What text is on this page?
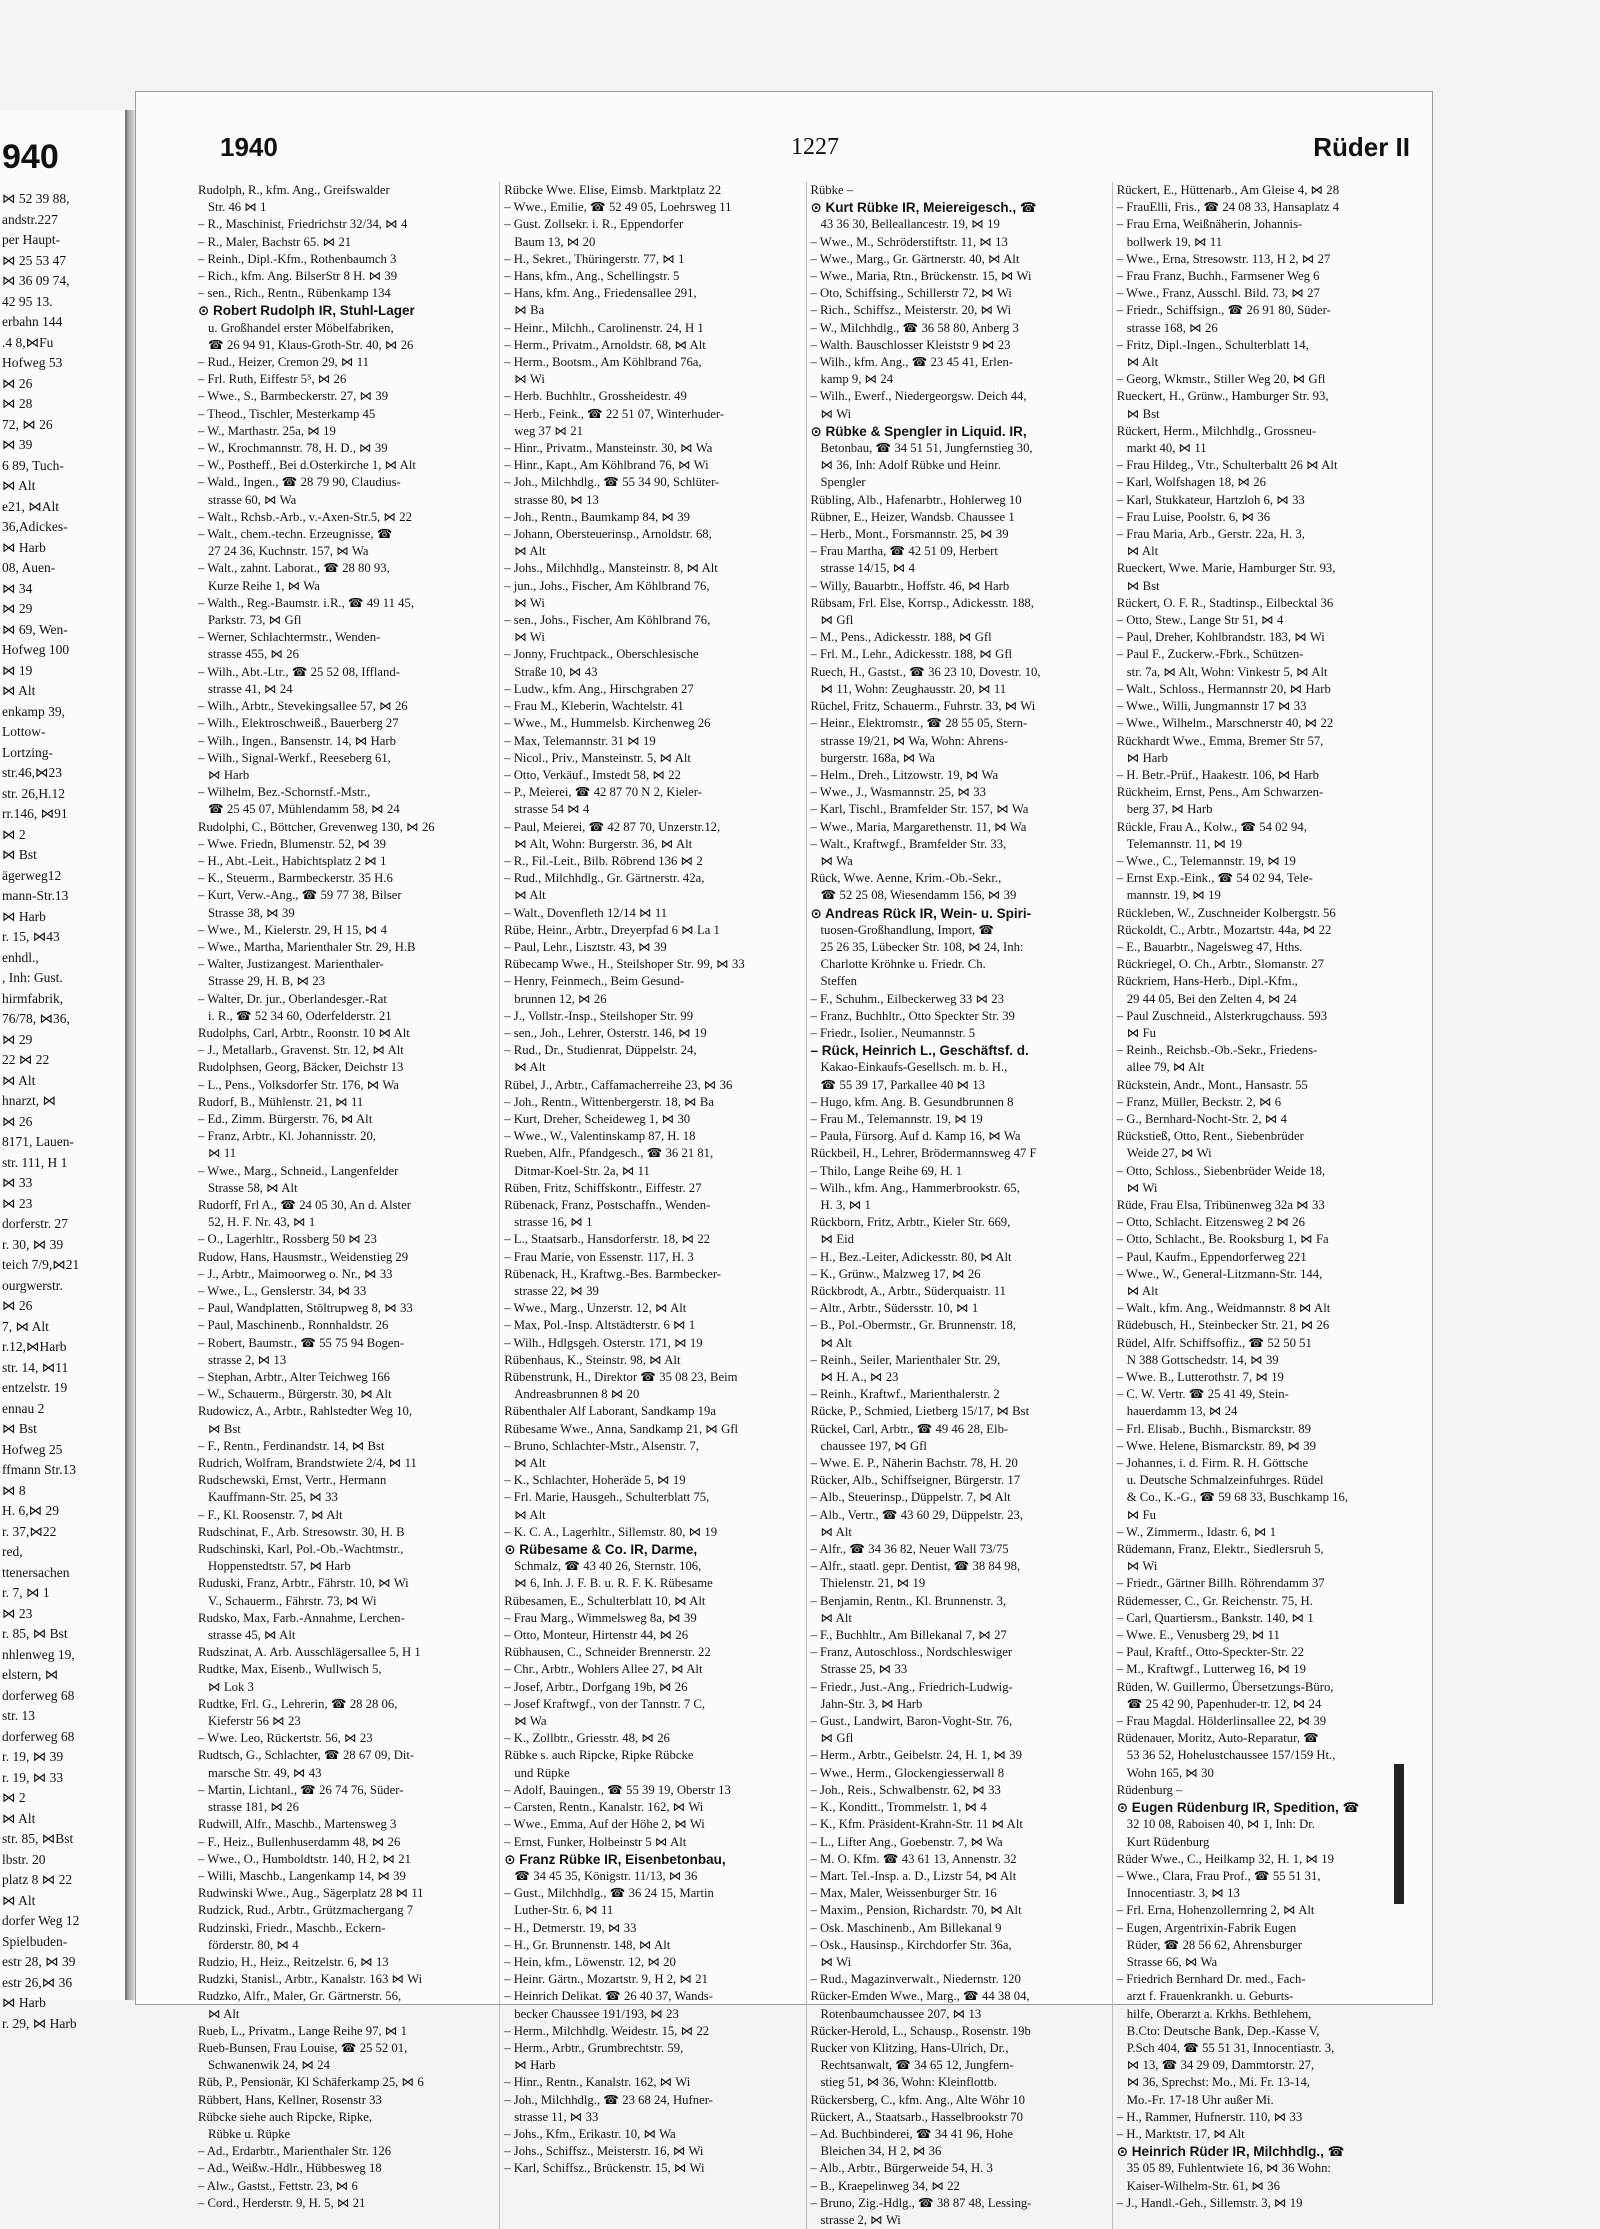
940
⋈ 52 39 88,
andstr.227
per Haupt-
⋈ 25 53 47
⋈ 36 09 74,
42 95 13.
erbahn 144
.4 8,⋈Fu
Hofweg 53
⋈ 26
⋈ 28
72, ⋈ 26
⋈ 39
6 89, Tuch-
⋈ Alt
e21, ⋈Alt
36,Adickes-
⋈ Harb
08, Auen-
⋈ 34
⋈ 29
⋈ 69, Wen-
Hofweg 100
⋈ 19
⋈ Alt
enkamp 39,
Lottow-
Lortzing-
str.46,⋈23
str. 26,H.12
rr.146, ⋈91
⋈ 2
⋈ Bst
ägerweg12
mann-Str.13
⋈ Harb
r. 15, ⋈43
enhdl.,
, Inh: Gust.
hirmfabrik,
76/78, ⋈36,
⋈ 29
22 ⋈ 22
⋈ Alt
hnarzt, ⋈
⋈ 26
8171, Lauen-
str. 111, H 1
⋈ 33
⋈ 23
dorferstr. 27
r. 30, ⋈ 39
teich 7/9,⋈21
ourgwerstr.
⋈ 26
7, ⋈ Alt
r.12,⋈Harb
str. 14, ⋈11
entzelstr. 19
ennau 2
⋈ Bst
Hofweg 25
ffmann Str.13
⋈ 8
H. 6,⋈ 29
r. 37,⋈22
red,
ttenersachen
r. 7, ⋈ 1
⋈ 23
r. 85, ⋈ Bst
nhlenweg 19,
elstern, ⋈
dorferweg 68
str. 13
dorferweg 68
r. 19, ⋈ 39
r. 19, ⋈ 33
⋈ 2
⋈ Alt
str. 85, ⋈Bst
lbstr. 20
platz 8 ⋈ 22
⋈ Alt
dorfer Weg 12
Spielbuden-
estr 28, ⋈ 39
estr 26,⋈ 36
⋈ Harb
r. 29, ⋈ Harb
1940	1227	Rüder II
Rudolph, R., kfm. Ang., Greifswalder
Str. 46 ⋈ 1
– R., Maschinist, Friedrichstr 32/34, ⋈ 4
– R., Maler, Bachstr 65. ⋈ 21
– Reinh., Dipl.-Kfm., Rothenbaumch 3
– Rich., kfm. Ang. BilserStr 8 H. ⋈ 39
– sen., Rich., Rentn., Rübenkamp 134
⊙ Robert Rudolph IR, Stuhl-Lager
u. Großhandel erster Möbelfabriken,
☎ 26 94 91, Klaus-Groth-Str. 40, ⋈ 26
– Rud., Heizer, Cremon 29, ⋈ 11
– Frl. Ruth, Eiffestr 5⁵, ⋈ 26
– Wwe., S., Barmbeckerstr. 27, ⋈ 39
– Theod., Tischler, Mesterkamp 45
– W., Marthastr. 25a, ⋈ 19
– W., Krochmannstr. 78, H. D., ⋈ 39
– W., Postheff., Bei d.Osterkirche 1, ⋈ Alt
– Wald., Ingen., ☎ 28 79 90, Claudius-
strasse 60, ⋈ Wa
– Walt., Rchsb.-Arb., v.-Axen-Str.5, ⋈ 22
– Walt., chem.-techn. Erzeugnisse, ☎
27 24 36, Kuchnstr. 157, ⋈ Wa
– Walt., zahnt. Laborat., ☎ 28 80 93,
Kurze Reihe 1, ⋈ Wa
– Walth., Reg.-Baumstr. i.R., ☎ 49 11 45,
Parkstr. 73, ⋈ Gfl
– Werner, Schlachtermstr., Wenden-
strasse 455, ⋈ 26
– Wilh., Abt.-Ltr., ☎ 25 52 08, Iffland-
strasse 41, ⋈ 24
– Wilh., Arbtr., Stevekingsallee 57, ⋈ 26
– Wilh., Elektroschweiß., Bauerberg 27
– Wilh., Ingen., Bansenstr. 14, ⋈ Harb
– Wilh., Signal-Werkf., Reeseberg 61,
⋈ Harb
– Wilhelm, Bez.-Schornstf.-Mstr.,
☎ 25 45 07, Mühlendamm 58, ⋈ 24
Rudolphi, C., Böttcher, Grevenweg 130, ⋈ 26
– Wwe. Friedn, Blumenstr. 52, ⋈ 39
– H., Abt.-Leit., Habichtsplatz 2 ⋈ 1
– K., Steuerm., Barmbeckerstr. 35 H.6
– Kurt, Verw.-Ang., ☎ 59 77 38, Bilser
Strasse 38, ⋈ 39
– Wwe., M., Kielerstr. 29, H 15, ⋈ 4
– Wwe., Martha, Marienthaler Str. 29, H.B
– Walter, Justizangest. Marienthaler-
Strasse 29, H. B, ⋈ 23
– Walter, Dr. jur., Oberlandesger.-Rat
i. R., ☎ 52 34 60, Oderfelderstr. 21
Rudolphs, Carl, Arbtr., Roonstr. 10 ⋈ Alt
– J., Metallarb., Gravenst. Str. 12, ⋈ Alt
Rudolphsen, Georg, Bäcker, Deichstr 13
– L., Pens., Volksdorfer Str. 176, ⋈ Wa
Rudorf, B., Mühlenstr. 21, ⋈ 11
– Ed., Zimm. Bürgerstr. 76, ⋈ Alt
– Franz, Arbtr., Kl. Johannisstr. 20,
⋈ 11
– Wwe., Marg., Schneid., Langenfelder
Strasse 58, ⋈ Alt
Rudorff, Frl A., ☎ 24 05 30, An d. Alster
52, H. F. Nr. 43, ⋈ 1
– O., Lagerhltr., Rossberg 50 ⋈ 23
Rudow, Hans, Hausmstr., Weidenstieg 29
– J., Arbtr., Maimoorweg o. Nr., ⋈ 33
– Wwe., L., Genslerstr. 34, ⋈ 33
– Paul, Wandplatten, Stöltrupweg 8, ⋈ 33
– Paul, Maschinenb., Ronnhaldstr. 26
– Robert, Baumstr., ☎ 55 75 94 Bogen-
strasse 2, ⋈ 13
– Stephan, Arbtr., Alter Teichweg 166
– W., Schauerm., Bürgerstr. 30, ⋈ Alt
Rudowicz, A., Arbtr., Rahlstedter Weg 10,
⋈ Bst
– F., Rentn., Ferdinandstr. 14, ⋈ Bst
Rudrich, Wolfram, Brandstwiete 2/4, ⋈ 11
Rudschewski, Ernst, Vertr., Hermann
Kauffmann-Str. 25, ⋈ 33
– F., Kl. Roosenstr. 7, ⋈ Alt
Rudschinat, F., Arb. Stresowstr. 30, H. B
Rudschinski, Karl, Pol.-Ob.-Wachtmstr.,
Hoppenstedtstr. 57, ⋈ Harb
Ruduski, Franz, Arbtr., Fährstr. 10, ⋈ Wi
V., Schauerm., Fährstr. 73, ⋈ Wi
Rudsko, Max, Farb.-Annahme, Lerchen-
strasse 45, ⋈ Alt
Rudszinat, A. Arb. Ausschlägersallee 5, H 1
Rudtke, Max, Eisenb., Wullwisch 5,
⋈ Lok 3
Rudtke, Frl. G., Lehrerin, ☎ 28 28 06,
Kieferstr 56 ⋈ 23
– Wwe. Leo, Rückertstr. 56, ⋈ 23
Rudtsch, G., Schlachter, ☎ 28 67 09, Dit-
marsche Str. 49, ⋈ 43
– Martin, Lichtanl., ☎ 26 74 76, Süder-
strasse 181, ⋈ 26
Rudwill, Alfr., Maschb., Martensweg 3
– F., Heiz., Bullenhuserdamm 48, ⋈ 26
– Wwe., O., Humboldtstr. 140, H 2, ⋈ 21
– Willi, Maschb., Langenkamp 14, ⋈ 39
Rudwinski Wwe., Aug., Sägerplatz 28 ⋈ 11
Rudzick, Rud., Arbtr., Grützmachergang 7
Rudzinski, Friedr., Maschb., Eckern-
förderstr. 80, ⋈ 4
Rudzio, H., Heiz., Reitzelstr. 6, ⋈ 13
Rudzki, Stanisl., Arbtr., Kanalstr. 163 ⋈ Wi
Rudzko, Alfr., Maler, Gr. Gärtnerstr. 56,
⋈ Alt
Rueb, L., Privatm., Lange Reihe 97, ⋈ 1
Rueb-Bunsen, Frau Louise, ☎ 25 52 01,
Schwanenwik 24, ⋈ 24
Rüb, P., Pensionär, Kl Schäferkamp 25, ⋈ 6
Rübbert, Hans, Kellner, Rosenstr 33
Rübcke siehe auch Ripcke, Ripke,
Rübke u. Rüpke
– Ad., Erdarbtr., Marienthaler Str. 126
– Ad., Weißw.-Hdlr., Hübbesweg 18
– Alw., Gastst., Fettstr. 23, ⋈ 6
– Cord., Herderstr. 9, H. 5, ⋈ 21
Rübcke Wwe. Elise, Eimsb. Marktplatz 22
– Wwe., Emilie, ☎ 52 49 05, Loehrsweg 11
– Gust. Zollsekr. i. R., Eppendorfer
Baum 13, ⋈ 20
– H., Sekret., Thüringerstr. 77, ⋈ 1
– Hans, kfm., Ang., Schellingstr. 5
– Hans, kfm. Ang., Friedensallee 291,
⋈ Ba
– Heinr., Milchh., Carolinenstr. 24, H 1
– Herm., Privatm., Arnoldstr. 68, ⋈ Alt
– Herm., Bootsm., Am Köhlbrand 76a,
⋈ Wi
– Herb. Buchhltr., Grossheidestr. 49
– Herb., Feink., ☎ 22 51 07, Winterhuder-
weg 37 ⋈ 21
– Hinr., Privatm., Mansteinstr. 30, ⋈ Wa
– Hinr., Kapt., Am Köhlbrand 76, ⋈ Wi
– Joh., Milchhdlg., ☎ 55 34 90, Schlüter-
strasse 80, ⋈ 13
– Joh., Rentn., Baumkamp 84, ⋈ 39
– Johann, Obersteuerinsp., Arnoldstr. 68,
⋈ Alt
– Johs., Milchhdlg., Mansteinstr. 8, ⋈ Alt
– jun., Johs., Fischer, Am Köhlbrand 76,
⋈ Wi
– sen., Johs., Fischer, Am Köhlbrand 76,
⋈ Wi
– Jonny, Fruchtpack., Oberschlesische
Straße 10, ⋈ 43
– Ludw., kfm. Ang., Hirschgraben 27
– Frau M., Kleberin, Wachtelstr. 41
– Wwe., M., Hummelsb. Kirchenweg 26
– Max, Telemannstr. 31 ⋈ 19
– Nicol., Priv., Mansteinstr. 5, ⋈ Alt
– Otto, Verkäuf., Imstedt 58, ⋈ 22
– P., Meierei, ☎ 42 87 70 N 2, Kieler-
strasse 54 ⋈ 4
– Paul, Meierei, ☎ 42 87 70, Unzerstr.12,
⋈ Alt, Wohn: Burgerstr. 36, ⋈ Alt
– R., Fil.-Leit., Bilb. Röbrend 136 ⋈ 2
– Rud., Milchhdlg., Gr. Gärtnerstr. 42a,
⋈ Alt
– Walt., Dovenfleth 12/14 ⋈ 11
Rübe, Heinr., Arbtr., Dreyerpfad 6 ⋈ La 1
– Paul, Lehr., Lisztstr. 43, ⋈ 39
Rübecamp Wwe., H., Steilshoper Str. 99, ⋈ 33
– Henry, Feinmech., Beim Gesund-
brunnen 12, ⋈ 26
– J., Vollstr.-Insp., Steilshoper Str. 99
– sen., Joh., Lehrer, Osterstr. 146, ⋈ 19
– Rud., Dr., Studienrat, Düppelstr. 24,
⋈ Alt
Rübel, J., Arbtr., Caffamacherreihe 23, ⋈ 36
– Joh., Rentn., Wittenbergerstr. 18, ⋈ Ba
– Kurt, Dreher, Scheideweg 1, ⋈ 30
– Wwe., W., Valentinskamp 87, H. 18
Rueben, Alfr., Pfandgesch., ☎ 36 21 81,
Ditmar-Koel-Str. 2a, ⋈ 11
Rüben, Fritz, Schiffskontr., Eiffestr. 27
Rübenack, Franz, Postschaffn., Wenden-
strasse 16, ⋈ 1
– L., Staatsarb., Hansdorferstr. 18, ⋈ 22
– Frau Marie, von Essenstr. 117, H. 3
Rübenack, H., Kraftwg.-Bes. Barmbecker-
strasse 22, ⋈ 39
– Wwe., Marg., Unzerstr. 12, ⋈ Alt
– Max, Pol.-Insp. Altstädterstr. 6 ⋈ 1
– Wilh., Hdlgsgeh. Osterstr. 171, ⋈ 19
Rübenhaus, K., Steinstr. 98, ⋈ Alt
Rübenstrunk, H., Direktor ☎ 35 08 23, Beim
Andreasbrunnen 8 ⋈ 20
Rübenthaler Alf Laborant, Sandkamp 19a
Rübesame Wwe., Anna, Sandkamp 21, ⋈ Gfl
– Bruno, Schlachter-Mstr., Alsenstr. 7,
⋈ Alt
– K., Schlachter, Hoheräde 5, ⋈ 19
– Frl. Marie, Hausgeh., Schulterblatt 75,
⋈ Alt
– K. C. A., Lagerhltr., Sillemstr. 80, ⋈ 19
⊙ Rübesame & Co. IR, Darme,
Schmalz, ☎ 43 40 26, Sternstr. 106,
⋈ 6, Inh. J. F. B. u. R. F. K. Rübesame
Rübesamen, E., Schulterblatt 10, ⋈ Alt
– Frau Marg., Wimmelsweg 8a, ⋈ 39
– Otto, Monteur, Hirtenstr 44, ⋈ 26
Rübhausen, C., Schneider Brennerstr. 22
– Chr., Arbtr., Wohlers Allee 27, ⋈ Alt
– Josef, Arbtr., Dorfgang 19b, ⋈ 26
– Josef Kraftwgf., von der Tannstr. 7 C,
⋈ Wa
– K., Zollbtr., Griesstr. 48, ⋈ 26
Rübke s. auch Ripcke, Ripke Rübcke
und Rüpke
– Adolf, Bauingen., ☎ 55 39 19, Oberstr 13
– Carsten, Rentn., Kanalstr. 162, ⋈ Wi
– Wwe., Emma, Auf der Höhe 2, ⋈ Wi
– Ernst, Funker, Holbeinstr 5 ⋈ Alt
⊙ Franz Rübke IR, Eisenbetonbau,
☎ 34 45 35, Königstr. 11/13, ⋈ 36
– Gust., Milchhdlg., ☎ 36 24 15, Martin
Luther-Str. 6, ⋈ 11
– H., Detmerstr. 19, ⋈ 33
– H., Gr. Brunnenstr. 148, ⋈ Alt
– Hein, kfm., Löwenstr. 12, ⋈ 20
– Heinr. Gärtn., Mozartstr. 9, H 2, ⋈ 21
– Heinrich Delikat. ☎ 26 40 37, Wands-
becker Chaussee 191/193, ⋈ 23
– Herm., Milchhdlg. Weidestr. 15, ⋈ 22
– Herm., Arbtr., Grumbrechtstr. 59,
⋈ Harb
– Hinr., Rentn., Kanalstr. 162, ⋈ Wi
– Joh., Milchhdlg., ☎ 23 68 24, Hufner-
strasse 11, ⋈ 33
– Johs., Kfm., Erikastr. 10, ⋈ Wa
– Johs., Schiffsz., Meisterstr. 16, ⋈ Wi
– Karl, Schiffsz., Brückenstr. 15, ⋈ Wi
Rübke –
⊙ Kurt Rübke IR, Meiereigesch., ☎
43 36 30, Belleallancestr. 19, ⋈ 19
– Wwe., M., Schröderstiftstr. 11, ⋈ 13
– Wwe., Marg., Gr. Gärtnerstr. 40, ⋈ Alt
– Wwe., Maria, Rtn., Brückenstr. 15, ⋈ Wi
– Oto, Schiffsing., Schillerstr 72, ⋈ Wi
– Rich., Schiffsz., Meisterstr. 20, ⋈ Wi
– W., Milchhdlg., ☎ 36 58 80, Anberg 3
– Walth. Bauschlosser Kleiststr 9 ⋈ 23
– Wilh., kfm. Ang., ☎ 23 45 41, Erlen-
kamp 9, ⋈ 24
– Wilh., Ewerf., Niedergeorgsw. Deich 44,
⋈ Wi
⊙ Rübke & Spengler in Liquid. IR,
Betonbau, ☎ 34 51 51, Jungfernstieg 30,
⋈ 36, Inh: Adolf Rübke und Heinr.
Spengler
Rübling, Alb., Hafenarbtr., Hohlerweg 10
Rübner, E., Heizer, Wandsb. Chaussee 1
– Herb., Mont., Forsmannstr. 25, ⋈ 39
– Frau Martha, ☎ 42 51 09, Herbert
strasse 14/15, ⋈ 4
– Willy, Bauarbtr., Hoffstr. 46, ⋈ Harb
Rübsam, Frl. Else, Korrsp., Adickesstr. 188,
⋈ Gfl
– M., Pens., Adickesstr. 188, ⋈ Gfl
– Frl. M., Lehr., Adickesstr. 188, ⋈ Gfl
Ruech, H., Gastst., ☎ 36 23 10, Dovestr. 10,
⋈ 11, Wohn: Zeughausstr. 20, ⋈ 11
Rüchel, Fritz, Schauerm., Fuhrstr. 33, ⋈ Wi
– Heinr., Elektromstr., ☎ 28 55 05, Stern-
strasse 19/21, ⋈ Wa, Wohn: Ahrens-
burgerstr. 168a, ⋈ Wa
– Helm., Dreh., Litzowstr. 19, ⋈ Wa
– Wwe., J., Wasmannstr. 25, ⋈ 33
– Karl, Tischl., Bramfelder Str. 157, ⋈ Wa
– Wwe., Maria, Margarethenstr. 11, ⋈ Wa
– Walt., Kraftwgf., Bramfelder Str. 33,
⋈ Wa
Rück, Wwe. Aenne, Krim.-Ob.-Sekr.,
☎ 52 25 08, Wiesendamm 156, ⋈ 39
⊙ Andreas Rück IR, Wein- u. Spiri-
tuosen-Großhandlung, Import, ☎
25 26 35, Lübecker Str. 108, ⋈ 24, Inh:
Charlotte Kröhnke u. Friedr. Ch.
Steffen
– F., Schuhm., Eilbeckerweg 33 ⋈ 23
– Franz, Buchhltr., Otto Speckter Str. 39
– Friedr., Isolier., Neumannstr. 5
– Rück, Heinrich L., Geschäftsf. d.
Kakao-Einkaufs-Gesellsch. m. b. H.,
☎ 55 39 17, Parkallee 40 ⋈ 13
– Hugo, kfm. Ang. B. Gesundbrunnen 8
– Frau M., Telemannstr. 19, ⋈ 19
– Paula, Fürsorg. Auf d. Kamp 16, ⋈ Wa
Rückbeil, H., Lehrer, Brödermannsweg 47 F
– Thilo, Lange Reihe 69, H. 1
– Wilh., kfm. Ang., Hammerbrookstr. 65,
H. 3, ⋈ 1
Rückborn, Fritz, Arbtr., Kieler Str. 669,
⋈ Eid
– H., Bez.-Leiter, Adickesstr. 80, ⋈ Alt
– K., Grünw., Malzweg 17, ⋈ 26
Rückbrodt, A., Arbtr., Süderquaistr. 11
– Altr., Arbtr., Südersstr. 10, ⋈ 1
– B., Pol.-Obermstr., Gr. Brunnenstr. 18,
⋈ Alt
– Reinh., Seiler, Marienthaler Str. 29,
⋈ H. A., ⋈ 23
– Reinh., Kraftwf., Marienthalerstr. 2
Rücke, P., Schmied, Lietberg 15/17, ⋈ Bst
Rückel, Carl, Arbtr., ☎ 49 46 28, Elb-
chaussee 197, ⋈ Gfl
– Wwe. E. P., Näherin Bachstr. 78, H. 20
Rücker, Alb., Schiffseigner, Bürgerstr. 17
– Alb., Steuerinsp., Düppelstr. 7, ⋈ Alt
– Alb., Vertr., ☎ 43 60 29, Düppelstr. 23,
⋈ Alt
– Alfr., ☎ 34 36 82, Neuer Wall 73/75
– Alfr., staatl. gepr. Dentist, ☎ 38 84 98,
Thielenstr. 21, ⋈ 19
– Benjamin, Rentn., Kl. Brunnenstr. 3,
⋈ Alt
– F., Buchhltr., Am Billekanal 7, ⋈ 27
– Franz, Autoschloss., Nordschleswiger
Strasse 25, ⋈ 33
– Friedr., Just.-Ang., Friedrich-Ludwig-
Jahn-Str. 3, ⋈ Harb
– Gust., Landwirt, Baron-Voght-Str. 76,
⋈ Gfl
– Herm., Arbtr., Geibelstr. 24, H. 1, ⋈ 39
– Wwe., Herm., Glockengiesserwall 8
– Joh., Reis., Schwalbenstr. 62, ⋈ 33
– K., Konditt., Trommelstr. 1, ⋈ 4
– K., Kfm. Präsident-Krahn-Str. 11 ⋈ Alt
– L., Lifter Ang., Goebenstr. 7, ⋈ Wa
– M. O. Kfm. ☎ 43 61 13, Annenstr. 32
– Mart. Tel.-Insp. a. D., Lizstr 54, ⋈ Alt
– Max, Maler, Weissenburger Str. 16
– Maxim., Pension, Richardstr. 70, ⋈ Alt
– Osk. Maschinenb., Am Billekanal 9
– Osk., Hausinsp., Kirchdorfer Str. 36a,
⋈ Wi
– Rud., Magazinverwalt., Niedernstr. 120
Rücker-Emden Wwe., Marg., ☎ 44 38 04,
Rotenbaumchaussee 207, ⋈ 13
Rücker-Herold, L., Schausp., Rosenstr. 19b
Rucker von Klitzing, Hans-Ulrich, Dr.,
Rechtsanwalt, ☎ 34 65 12, Jungfern-
stieg 51, ⋈ 36, Wohn: Kleinflottb.
Rückersberg, C., kfm. Ang., Alte Wöhr 10
Rückert, A., Staatsarb., Hasselbrookstr 70
– Ad. Buchbinderei, ☎ 34 41 96, Hohe
Bleichen 34, H 2, ⋈ 36
– Alb., Arbtr., Bürgerweide 54, H. 3
– B., Kraepelinweg 34, ⋈ 22
– Bruno, Zig.-Hdlg., ☎ 38 87 48, Lessing-
strasse 2, ⋈ Wi
Rückert, E., Hüttenarb., Am Gleise 4, ⋈ 28
– FrauElli, Fris., ☎ 24 08 33, Hansaplatz 4
– Frau Erna, Weißnäherin, Johannis-
bollwerk 19, ⋈ 11
– Wwe., Erna, Stresowstr. 113, H 2, ⋈ 27
– Frau Franz, Buchh., Farmsener Weg 6
– Wwe., Franz, Ausschl. Bild. 73, ⋈ 27
– Friedr., Schiffsign., ☎ 26 91 80, Süder-
strasse 168, ⋈ 26
– Fritz, Dipl.-Ingen., Schulterblatt 14,
⋈ Alt
– Georg, Wkmstr., Stiller Weg 20, ⋈ Gfl
Rueckert, H., Grünw., Hamburger Str. 93,
⋈ Bst
Rückert, Herm., Milchhdlg., Grossneu-
markt 40, ⋈ 11
– Frau Hildeg., Vtr., Schulterbaltt 26 ⋈ Alt
– Karl, Wolfshagen 18, ⋈ 26
– Karl, Stukkateur, Hartzloh 6, ⋈ 33
– Frau Luise, Poolstr. 6, ⋈ 36
– Frau Maria, Arb., Gerstr. 22a, H. 3,
⋈ Alt
Rueckert, Wwe. Marie, Hamburger Str. 93,
⋈ Bst
Rückert, O. F. R., Stadtinsp., Eilbecktal 36
– Otto, Stew., Lange Str 51, ⋈ 4
– Paul, Dreher, Kohlbrandstr. 183, ⋈ Wi
– Paul F., Zuckerw.-Fbrk., Schützen-
str. 7a, ⋈ Alt, Wohn: Vinkestr 5, ⋈ Alt
– Walt., Schloss., Hermannstr 20, ⋈ Harb
– Wwe., Willi, Jungmannstr 17 ⋈ 33
– Wwe., Wilhelm., Marschnerstr 40, ⋈ 22
Rückhardt Wwe., Emma, Bremer Str 57,
⋈ Harb
– H. Betr.-Prüf., Haakestr. 106, ⋈ Harb
Rückheim, Ernst, Pens., Am Schwarzen-
berg 37, ⋈ Harb
Rückle, Frau A., Kolw., ☎ 54 02 94,
Telemannstr. 11, ⋈ 19
– Wwe., C., Telemannstr. 19, ⋈ 19
– Ernst Exp.-Eink., ☎ 54 02 94, Tele-
mannstr. 19, ⋈ 19
Rückleben, W., Zuschneider Kolbergstr. 56
Rückoldt, C., Arbtr., Mozartstr. 44a, ⋈ 22
– E., Bauarbtr., Nagelsweg 47, Hths.
Rückriegel, O. Ch., Arbtr., Slomanstr. 27
Rückriem, Hans-Herb., Dipl.-Kfm.,
29 44 05, Bei den Zelten 4, ⋈ 24
– Paul Zuschneid., Alsterkrugchauss. 593
⋈ Fu
– Reinh., Reichsb.-Ob.-Sekr., Friedens-
allee 79, ⋈ Alt
Rückstein, Andr., Mont., Hansastr. 55
– Franz, Müller, Beckstr. 2, ⋈ 6
– G., Bernhard-Nocht-Str. 2, ⋈ 4
Rückstieß, Otto, Rent., Siebenbrüder
Weide 27, ⋈ Wi
– Otto, Schloss., Siebenbrüder Weide 18,
⋈ Wi
Rüde, Frau Elsa, Tribünenweg 32a ⋈ 33
– Otto, Schlacht. Eitzensweg 2 ⋈ 26
– Otto, Schlacht., Be. Rooksburg 1, ⋈ Fa
– Paul, Kaufm., Eppendorferweg 221
– Wwe., W., General-Litzmann-Str. 144,
⋈ Alt
– Walt., kfm. Ang., Weidmannstr. 8 ⋈ Alt
Rüdebusch, H., Steinbecker Str. 21, ⋈ 26
Rüdel, Alfr. Schiffsoffiz., ☎ 52 50 51
N 388 Gottschedstr. 14, ⋈ 39
– Wwe. B., Lutterothstr. 7, ⋈ 19
– C. W. Vertr. ☎ 25 41 49, Stein-
hauerdamm 13, ⋈ 24
– Frl. Elisab., Buchh., Bismarckstr. 89
– Wwe. Helene, Bismarckstr. 89, ⋈ 39
– Johannes, i. d. Firm. R. H. Göttsche
u. Deutsche Schmalzeinfuhrges. Rüdel
& Co., K.-G., ☎ 59 68 33, Buschkamp 16,
⋈ Fu
– W., Zimmerm., Idastr. 6, ⋈ 1
Rüdemann, Franz, Elektr., Siedlersruh 5,
⋈ Wi
– Friedr., Gärtner Billh. Röhrendamm 37
Rüdemesser, C., Gr. Reichenstr. 75, H.
– Carl, Quartiersm., Bankstr. 140, ⋈ 1
– Wwe. E., Venusberg 29, ⋈ 11
– Paul, Kraftf., Otto-Speckter-Str. 22
– M., Kraftwgf., Lutterweg 16, ⋈ 19
Rüden, W. Guillermo, Übersetzungs-Büro,
☎ 25 42 90, Papenhuder-tr. 12, ⋈ 24
– Frau Magdal. Hölderlinsallee 22, ⋈ 39
Rüdenauer, Moritz, Auto-Reparatur, ☎
53 36 52, Hohelustchaussee 157/159 Ht.,
Wohn 165, ⋈ 30
Rüdenburg –
⊙ Eugen Rüdenburg IR, Spedition, ☎
32 10 08, Raboisen 40, ⋈ 1, Inh: Dr.
Kurt Rüdenburg
Rüder Wwe., C., Heilkamp 32, H. 1, ⋈ 19
– Wwe., Clara, Frau Prof., ☎ 55 51 31,
Innocentiastr. 3, ⋈ 13
– Frl. Erna, Hohenzollernring 2, ⋈ Alt
– Eugen, Argentrixin-Fabrik Eugen
Rüder, ☎ 28 56 62, Ahrensburger
Strasse 66, ⋈ Wa
– Friedrich Bernhard Dr. med., Fach-
arzt f. Frauenkrankh. u. Geburts-
hilfe, Oberarzt a. Krkhs. Bethlehem,
B.Cto: Deutsche Bank, Dep.-Kasse V,
P.Sch 404, ☎ 55 51 31, Innocentiastr. 3,
⋈ 13, ☎ 34 29 09, Dammtorstr. 27,
⋈ 36, Sprechst: Mo., Mi. Fr. 13-14,
Mo.-Fr. 17-18 Uhr außer Mi.
– H., Rammer, Hufnerstr. 110, ⋈ 33
– H., Marktstr. 17, ⋈ Alt
⊙ Heinrich Rüder IR, Milchhdlg., ☎
35 05 89, Fuhlentwiete 16, ⋈ 36 Wohn:
Kaiser-Wilhelm-Str. 61, ⋈ 36
– J., Handl.-Geh., Sillemstr. 3, ⋈ 19
